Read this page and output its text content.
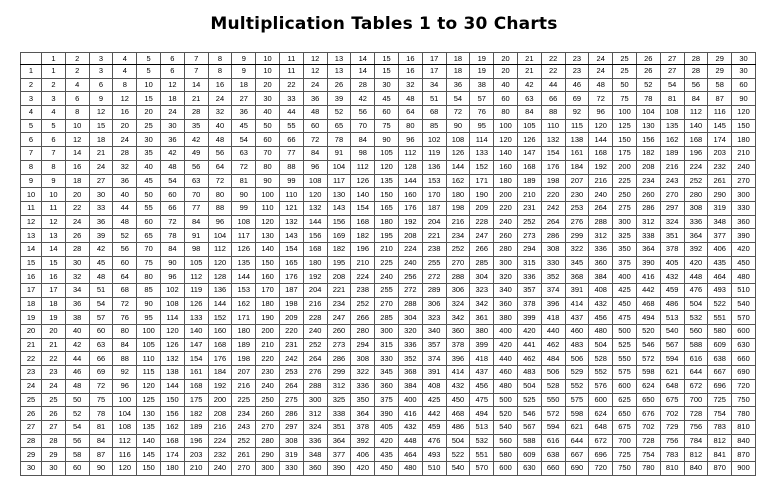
Multiplication Tables 1 to 30 Charts
	1	2	3	4	5	6	7	8	9	10	11	12	13	14	15	16	17	18	19	20	21	22	23	24	25	26	27	28	29	30
1	1	2	3	4	5	6	7	8	9	10	11	12	13	14	15	16	17	18	19	20	21	22	23	24	25	26	27	28	29	30
2	2	4	6	8	10	12	14	16	18	20	22	24	26	28	30	32	34	36	38	40	42	44	46	48	50	52	54	56	58	60
3	3	6	9	12	15	18	21	24	27	30	33	36	39	42	45	48	51	54	57	60	63	66	69	72	75	78	81	84	87	90
4	4	8	12	16	20	24	28	32	36	40	44	48	52	56	60	64	68	72	76	80	84	88	92	96	100	104	108	112	116	120
5	5	10	15	20	25	30	35	40	45	50	55	60	65	70	75	80	85	90	95	100	105	110	115	120	125	130	135	140	145	150
6	6	12	18	24	30	36	42	48	54	60	66	72	78	84	90	96	102	108	114	120	126	132	138	144	150	156	162	168	174	180
7	7	14	21	28	35	42	49	56	63	70	77	84	91	98	105	112	119	126	133	140	147	154	161	168	175	182	189	196	203	210
8	8	16	24	32	40	48	56	64	72	80	88	96	104	112	120	128	136	144	152	160	168	176	184	192	200	208	216	224	232	240
9	9	18	27	36	45	54	63	72	81	90	99	108	117	126	135	144	153	162	171	180	189	198	207	216	225	234	243	252	261	270
10	10	20	30	40	50	60	70	80	90	100	110	120	130	140	150	160	170	180	190	200	210	220	230	240	250	260	270	280	290	300
11	11	22	33	44	55	66	77	88	99	110	121	132	143	154	165	176	187	198	209	220	231	242	253	264	275	286	297	308	319	330
12	12	24	36	48	60	72	84	96	108	120	132	144	156	168	180	192	204	216	228	240	252	264	276	288	300	312	324	336	348	360
13	13	26	39	52	65	78	91	104	117	130	143	156	169	182	195	208	221	234	247	260	273	286	299	312	325	338	351	364	377	390
14	14	28	42	56	70	84	98	112	126	140	154	168	182	196	210	224	238	252	266	280	294	308	322	336	350	364	378	392	406	420
15	15	30	45	60	75	90	105	120	135	150	165	180	195	210	225	240	255	270	285	300	315	330	345	360	375	390	405	420	435	450
16	16	32	48	64	80	96	112	128	144	160	176	192	208	224	240	256	272	288	304	320	336	352	368	384	400	416	432	448	464	480
17	17	34	51	68	85	102	119	136	153	170	187	204	221	238	255	272	289	306	323	340	357	374	391	408	425	442	459	476	493	510
18	18	36	54	72	90	108	126	144	162	180	198	216	234	252	270	288	306	324	342	360	378	396	414	432	450	468	486	504	522	540
19	19	38	57	76	95	114	133	152	171	190	209	228	247	266	285	304	323	342	361	380	399	418	437	456	475	494	513	532	551	570
20	20	40	60	80	100	120	140	160	180	200	220	240	260	280	300	320	340	360	380	400	420	440	460	480	500	520	540	560	580	600
21	21	42	63	84	105	126	147	168	189	210	231	252	273	294	315	336	357	378	399	420	441	462	483	504	525	546	567	588	609	630
22	22	44	66	88	110	132	154	176	198	220	242	264	286	308	330	352	374	396	418	440	462	484	506	528	550	572	594	616	638	660
23	23	46	69	92	115	138	161	184	207	230	253	276	299	322	345	368	391	414	437	460	483	506	529	552	575	598	621	644	667	690
24	24	48	72	96	120	144	168	192	216	240	264	288	312	336	360	384	408	432	456	480	504	528	552	576	600	624	648	672	696	720
25	25	50	75	100	125	150	175	200	225	250	275	300	325	350	375	400	425	450	475	500	525	550	575	600	625	650	675	700	725	750
26	26	52	78	104	130	156	182	208	234	260	286	312	338	364	390	416	442	468	494	520	546	572	598	624	650	676	702	728	754	780
27	27	54	81	108	135	162	189	216	243	270	297	324	351	378	405	432	459	486	513	540	567	594	621	648	675	702	729	756	783	810
28	28	56	84	112	140	168	196	224	252	280	308	336	364	392	420	448	476	504	532	560	588	616	644	672	700	728	756	784	812	840
29	29	58	87	116	145	174	203	232	261	290	319	348	377	406	435	464	493	522	551	580	609	638	667	696	725	754	783	812	841	870
30	30	60	90	120	150	180	210	240	270	300	330	360	390	420	450	480	510	540	570	600	630	660	690	720	750	780	810	840	870	900
